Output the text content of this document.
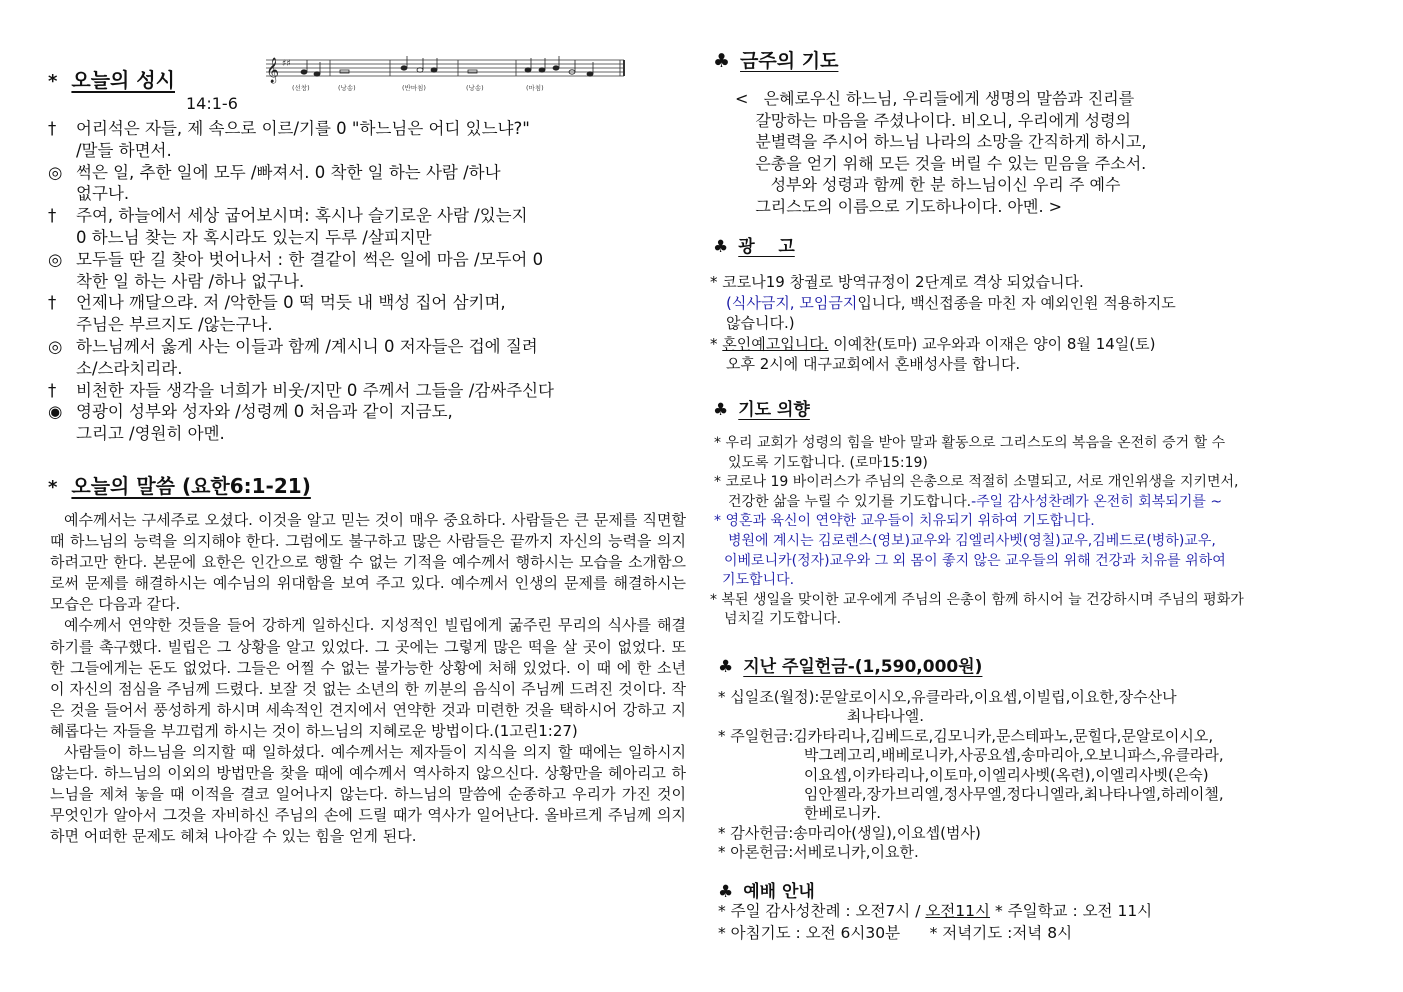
* 오늘의 성시	𝄞 ♯♯
(선창)	(낭송)	(반마침)	(낭송)	(마침)
14:1-6
†	어리석은 자들, 제 속으로 이르/기를 0 "하느님은 어디 있느냐?"
/말들 하면서.
◎ 썩은 일, 추한 일에 모두 /빠져서. 0 착한 일 하는 사람 /하나
없구나.
†	주여, 하늘에서 세상 굽어보시며: 혹시나 슬기로운 사람 /있는지
0 하느님 찾는 자 혹시라도 있는지 두루 /살피지만
◎ 모두들 딴 길 찾아 벗어나서 : 한 결같이 썩은 일에 마음 /모두어 0
착한 일 하는 사람 /하나 없구나.
†	언제나 깨달으랴. 저 /악한들 0 떡 먹듯 내 백성 집어 삼키며,
주님은 부르지도 /않는구나.
◎ 하느님께서 옳게 사는 이들과 함께 /계시니 0 저자들은 겁에 질려
소/스라치리라.
†	비천한 자들 생각을 너희가 비웃/지만 0 주께서 그들을 /감싸주신다
◉ 영광이 성부와 성자와 /성령께 0 처음과 같이 지금도,
그리고 /영원히 아멘.
* 오늘의 말씀 (요한6:1-21)

예수께서는 구세주로 오셨다. 이것을 알고 믿는 것이 매우 중요하다. 사람들은 큰 문제를 직면할 때 하느님의 능력을 의지해야 한다. 그럼에도 불구하고 많은 사람들은 끝까지 자신의 능력을 의지하려고만 한다. 본문에 요한은 인간으로 행할 수 없는 기적을 예수께서 행하시는 모습을 소개함으로써 문제를 해결하시는 예수님의 위대함을 보여 주고 있다. 예수께서 인생의 문제를 해결하시는 모습은 다음과 같다.

예수께서 연약한 것들을 들어 강하게 일하신다. 지성적인 빌립에게 굶주린 무리의 식사를 해결하기를 촉구했다. 빌립은 그 상황을 알고 있었다. 그 곳에는 그렇게 많은 떡을 살 곳이 없었다. 또한 그들에게는 돈도 없었다. 그들은 어찔 수 없는 불가능한 상황에 처해 있었다. 이 때 에 한 소년이 자신의 점심을 주님께 드렸다. 보잘 것 없는 소년의 한 끼분의 음식이 주님께 드려진 것이다. 작은 것을 들어서 풍성하게 하시며 세속적인 견지에서 연약한 것과 미련한 것을 택하시어 강하고 지혜롭다는 자들을 부끄럽게 하시는 것이 하느님의 지혜로운 방법이다.(1고린1:27)

사람들이 하느님을 의지할 때 일하셨다. 예수께서는 제자들이 지식을 의지 할 때에는 일하시지 않는다. 하느님의 이외의 방법만을 찾을 때에 예수께서 역사하지 않으신다. 상황만을 헤아리고 하느님을 제쳐 놓을 때 이적을 결코 일어나지 않는다. 하느님의 말씀에 순종하고 우리가 가진 것이 무엇인가 알아서 그것을 자비하신 주님의 손에 드릴 때가 역사가 일어난다. 올바르게 주님께 의지하면 어떠한 문제도 헤쳐 나아갈 수 있는 힘을 얻게 된다.

♣ 금주의 기도
<   은혜로우신 하느님, 우리들에게 생명의 말씀과 진리를
갈망하는 마음을 주셨나이다. 비오니, 우리에게 성령의
분별력을 주시어 하느님 나라의 소망을 간직하게 하시고,
은총을 얻기 위해 모든 것을 버릴 수 있는 믿음을 주소서.
성부와 성령과 함께 한 분 하느님이신 우리 주 예수
그리스도의 이름으로 기도하나이다. 아멘. >
♣ 광    고
* 코로나19 창궐로 방역규정이 2단계로 격상 되었습니다.
(식사금지, 모임금지입니다, 백신접종을 마친 자 예외인원 적용하지도
않습니다.)
* 혼인예고입니다. 이예찬(토마) 교우와과 이재은 양이 8월 14일(토)
오후 2시에 대구교회에서 혼배성사를 합니다.
♣ 기도 의향
* 우리 교회가 성령의 힘을 받아 말과 활동으로 그리스도의 복음을 온전히 증거 할 수
있도록 기도합니다. (로마15:19)
* 코로나 19 바이러스가 주님의 은총으로 적절히 소멸되고, 서로 개인위생을 지키면서,
건강한 삶을 누릴 수 있기를 기도합니다.-주일 감사성찬례가 온전히 회복되기를 ~
* 영혼과 육신이 연약한 교우들이 치유되기 위하여 기도합니다.
병원에 계시는 김로렌스(영보)교우와 김엘리사벳(영칠)교우,김베드로(병하)교우,
이베로니카(정자)교우와 그 외 몸이 좋지 않은 교우들의 위해 건강과 치유를 위하여
기도합니다.
* 복된 생일을 맞이한 교우에게 주님의 은총이 함께 하시어 늘 건강하시며 주님의 평화가
넘치길 기도합니다.
♣ 지난 주일헌금-(1,590,000원)
* 십일조(월정):문알로이시오,유클라라,이요셉,이빌립,이요한,장수산나
최나타나엘.
* 주일헌금:김카타리나,김베드로,김모니카,문스테파노,문힐다,문알로이시오,
박그레고리,배베로니카,사공요셉,송마리아,오보니파스,유클라라,
이요셉,이카타리나,이토마,이엘리사벳(옥련),이엘리사벳(은숙)
임안젤라,장가브리엘,정사무엘,정다니엘라,최나타나엘,하레이첼,
한베로니카.
* 감사헌금:송마리아(생일),이요셉(범사)
* 아론헌금:서베로니카,이요한.
♣ 예배 안내
* 주일 감사성찬례 : 오전7시 / 오전11시 * 주일학교 : 오전 11시
* 아침기도 : 오전 6시30분      * 저녁기도 :저녁 8시
